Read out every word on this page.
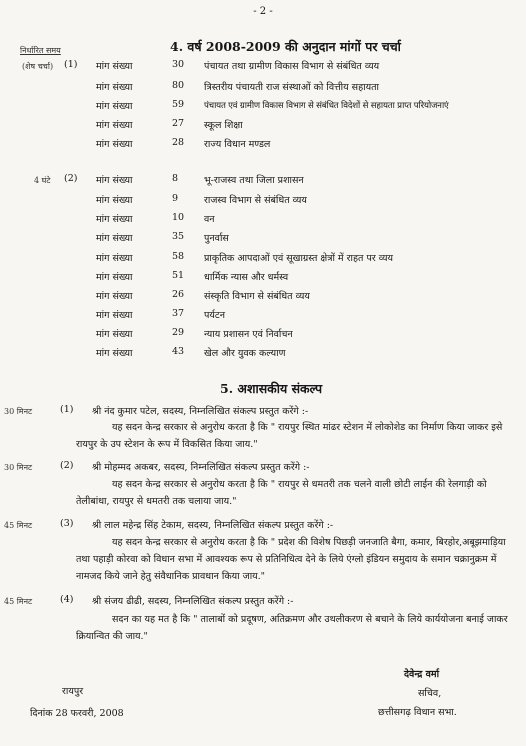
- 2 -
4. वर्ष 2008-2009 की अनुदान मांगों पर चर्चा
निर्धारित समय
(शेष चर्चा) (1) मांग संख्या	30 पंचायत तथा ग्रामीण विकास विभाग से संबंधित व्यय
मांग संख्या	80 त्रिस्तरीय पंचायती राज संस्थाओं को वित्तीय सहायता
मांग संख्या	59 पंचायत एवं ग्रामीण विकास विभाग से संबंधित विदेशों से सहायता प्राप्त परियोजनाएं
मांग संख्या	27 स्कूल शिक्षा
मांग संख्या	28 राज्य विधान मण्डल
4 घंटे (2) मांग संख्या	8	भू-राजस्व तथा जिला प्रशासन
मांग संख्या	9	राजस्व विभाग से संबंधित व्यय
मांग संख्या	10 वन
मांग संख्या	35 पुनर्वास
मांग संख्या	58 प्राकृतिक आपदाओं एवं सूखाग्रस्त क्षेत्रों में राहत पर व्यय
मांग संख्या	51 धार्मिक न्यास और धर्मस्व
मांग संख्या	26 संस्कृति विभाग से संबंधित व्यय
मांग संख्या	37 पर्यटन
मांग संख्या	29 न्याय प्रशासन एवं निर्वाचन
मांग संख्या	43 खेल और युवक कल्याण
5. अशासकीय संकल्प
30 मिनट	(1) श्री नंद कुमार पटेल, सदस्य, निम्नलिखित संकल्प प्रस्तुत करेंगे :-
यह सदन केन्द्र सरकार से अनुरोध करता है कि " रायपुर स्थित मांढर स्टेशन में लोकोशेड का निर्माण किया जाकर इसे रायपुर के उप स्टेशन के रूप में विकसित किया जाय."
30 मिनट	(2) श्री मोहम्मद अकबर, सदस्य, निम्नलिखित संकल्प प्रस्तुत करेंगे :-
यह सदन केन्द्र सरकार से अनुरोध करता है कि " रायपुर से धमतरी तक चलने वाली छोटी लाईन की रेलगाड़ी को तेलीबांधा, रायपुर से धमतरी तक चलाया जाय."
45 मिनट	(3) श्री लाल महेन्द्र सिंह टेकाम, सदस्य, निम्नलिखित संकल्प प्रस्तुत करेंगे :-
यह सदन केन्द्र सरकार से अनुरोध करता है कि " प्रदेश की विशेष पिछड़ी जनजाति बैगा, कमार, बिरहोर,अबूझमाड़िया तथा पहाड़ी कोरवा को विधान सभा में आवश्यक रूप से प्रतिनिधित्व देने के लिये एंग्लो इंडियन समुदाय के समान चक्रानुक्रम में नामजद किये जाने हेतु संवैधानिक प्रावधान किया जाय."
45 मिनट	(4) श्री संजय ढीढी, सदस्य, निम्नलिखित संकल्प प्रस्तुत करेंगे :-
सदन का यह मत है कि " तालाबों को प्रदूषण, अतिक्रमण और उथलीकरण से बचाने के लिये कार्ययोजना बनाई जाकर क्रियान्वित की जाय."
रायपुर
दिनांक 28 फरवरी, 2008
देवेन्द्र वर्मा
सचिव,
छत्तीसगढ़ विधान सभा.
